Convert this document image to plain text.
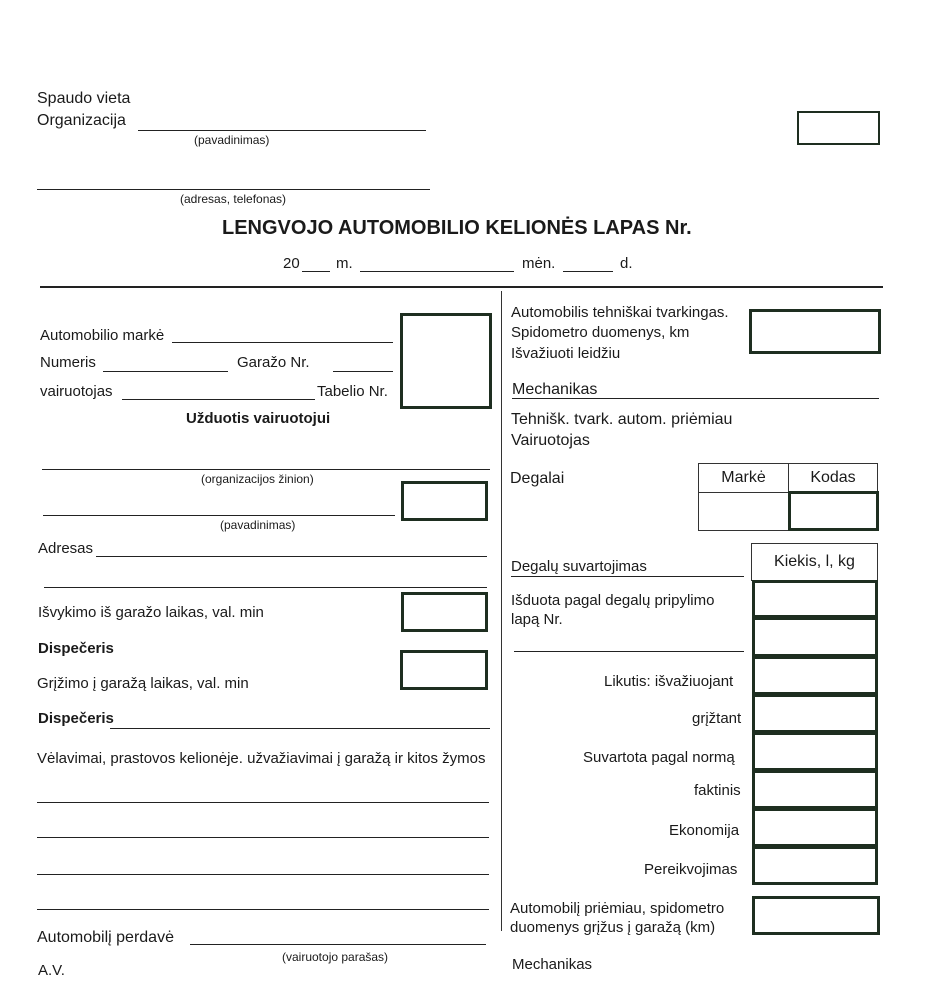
Spaudo vieta
Organizacija
(pavadinimas)
(adresas, telefonas)
LENGVOJO AUTOMOBILIO KELIONĖS LAPAS Nr.
20 m.	mėn.	d.
Automobilio markė
Numeris	Garažo Nr.
vairuotojas	Tabelio Nr.
Užduotis vairuotojui
(organizacijos žinion)
(pavadinimas)
Adresas
Išvykimo iš garažo laikas, val. min
Dispečeris
Grįžimo į garažą laikas, val. min
Dispečeris
Vėlavimai, prastovos kelionėje. užvažiavimai į garažą ir kitos žymos
Automobilį perdavė
(vairuotojo parašas)
A.V.
Automobilis tehniškai tvarkingas.
Spidometro duomenys, km
Išvažiuoti leidžiu
Mechanikas
Tehnišk. tvark. autom. priėmiau
Vairuotojas
Degalai	Markė	Kodas
Degalų suvartojimas	Kiekis, l, kg
Išduota pagal degalų pripylimo
lapą Nr.
Likutis: išvažiuojant
grįžtant
Suvartota pagal normą
faktinis
Ekonomija
Pereikvojimas
Automobilį priėmiau, spidometro
duomenys grįžus į garažą (km)
Mechanikas
